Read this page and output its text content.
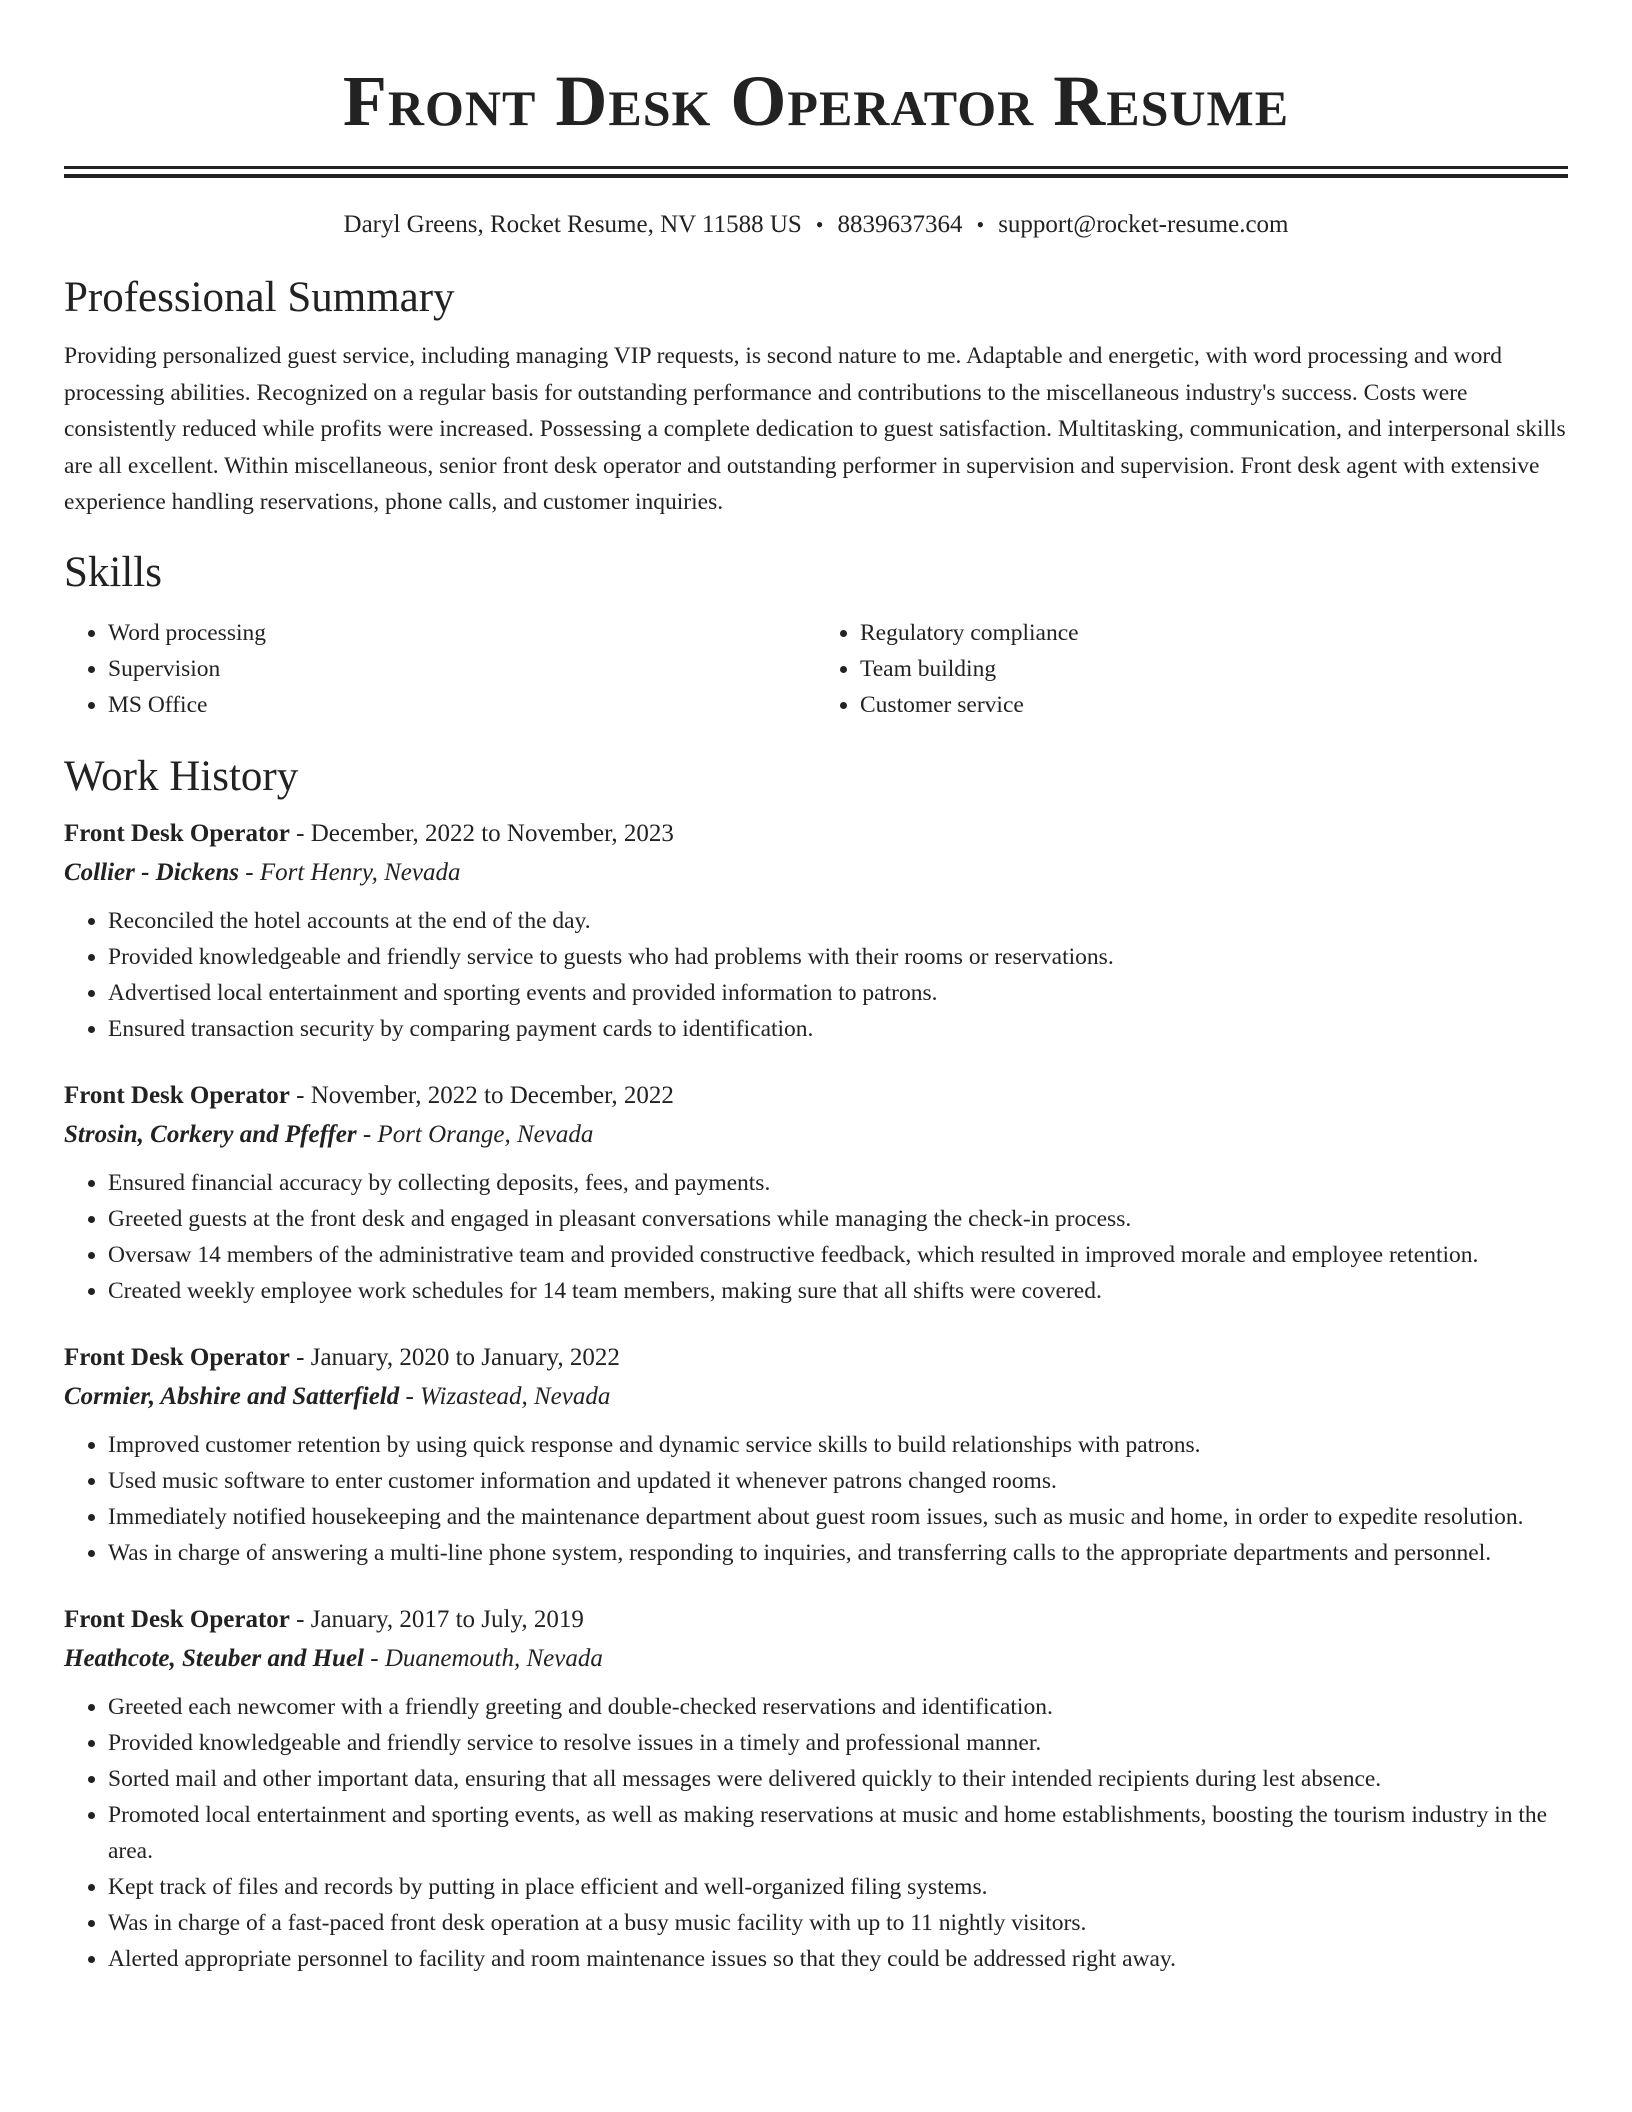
Front Desk Operator Resume
Daryl Greens, Rocket Resume, NV 11588 US • 8839637364 • support@rocket-resume.com
Professional Summary

Providing personalized guest service, including managing VIP requests, is second nature to me. Adaptable and energetic, with word processing and word processing abilities. Recognized on a regular basis for outstanding performance and contributions to the miscellaneous industry's success. Costs were consistently reduced while profits were increased. Possessing a complete dedication to guest satisfaction. Multitasking, communication, and interpersonal skills are all excellent. Within miscellaneous, senior front desk operator and outstanding performer in supervision and supervision. Front desk agent with extensive experience handling reservations, phone calls, and customer inquiries.

Skills
• Word processing
• Supervision
• MS Office
• Regulatory compliance
• Team building
• Customer service
Work History
Front Desk Operator - December, 2022 to November, 2023
Collier - Dickens - Fort Henry, Nevada
• Reconciled the hotel accounts at the end of the day.
• Provided knowledgeable and friendly service to guests who had problems with their rooms or reservations.
• Advertised local entertainment and sporting events and provided information to patrons.
• Ensured transaction security by comparing payment cards to identification.
Front Desk Operator - November, 2022 to December, 2022
Strosin, Corkery and Pfeffer - Port Orange, Nevada
• Ensured financial accuracy by collecting deposits, fees, and payments.
• Greeted guests at the front desk and engaged in pleasant conversations while managing the check-in process.
• Oversaw 14 members of the administrative team and provided constructive feedback, which resulted in improved morale and employee retention.
• Created weekly employee work schedules for 14 team members, making sure that all shifts were covered.
Front Desk Operator - January, 2020 to January, 2022
Cormier, Abshire and Satterfield - Wizastead, Nevada
• Improved customer retention by using quick response and dynamic service skills to build relationships with patrons.
• Used music software to enter customer information and updated it whenever patrons changed rooms.
• Immediately notified housekeeping and the maintenance department about guest room issues, such as music and home, in order to expedite resolution.
• Was in charge of answering a multi-line phone system, responding to inquiries, and transferring calls to the appropriate departments and personnel.
Front Desk Operator - January, 2017 to July, 2019
Heathcote, Steuber and Huel - Duanemouth, Nevada
• Greeted each newcomer with a friendly greeting and double-checked reservations and identification.
• Provided knowledgeable and friendly service to resolve issues in a timely and professional manner.
• Sorted mail and other important data, ensuring that all messages were delivered quickly to their intended recipients during lest absence.
• Promoted local entertainment and sporting events, as well as making reservations at music and home establishments, boosting the tourism industry in the area.
• Kept track of files and records by putting in place efficient and well-organized filing systems.
• Was in charge of a fast-paced front desk operation at a busy music facility with up to 11 nightly visitors.
• Alerted appropriate personnel to facility and room maintenance issues so that they could be addressed right away.
